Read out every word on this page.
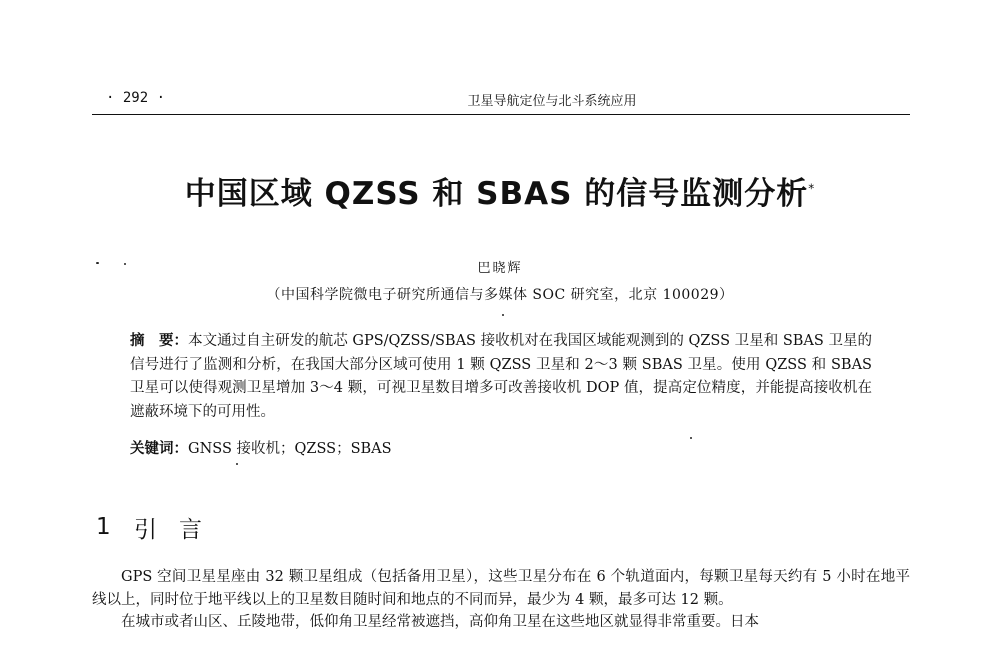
· 292 ·	卫星导航定位与北斗系统应用
中国区域 QZSS 和 SBAS 的信号监测分析*
巴晓辉
（中国科学院微电子研究所通信与多媒体 SOC 研究室，北京 100029）
摘　要：本文通过自主研发的航芯 GPS/QZSS/SBAS 接收机对在我国区域能观测到的 QZSS 卫星和 SBAS 卫星的信号进行了监测和分析，在我国大部分区域可使用 1 颗 QZSS 卫星和 2～3 颗 SBAS 卫星。使用 QZSS 和 SBAS 卫星可以使得观测卫星增加 3～4 颗，可视卫星数目增多可改善接收机 DOP 值，提高定位精度，并能提高接收机在遮蔽环境下的可用性。
关键词：GNSS 接收机；QZSS；SBAS
1	引言

GPS 空间卫星星座由 32 颗卫星组成（包括备用卫星），这些卫星分布在 6 个轨道面内，每颗卫星每天约有 5 小时在地平线以上，同时位于地平线以上的卫星数目随时间和地点的不同而异，最少为 4 颗，最多可达 12 颗。

在城市或者山区、丘陵地带，低仰角卫星经常被遮挡，高仰角卫星在这些地区就显得非常重要。日本
